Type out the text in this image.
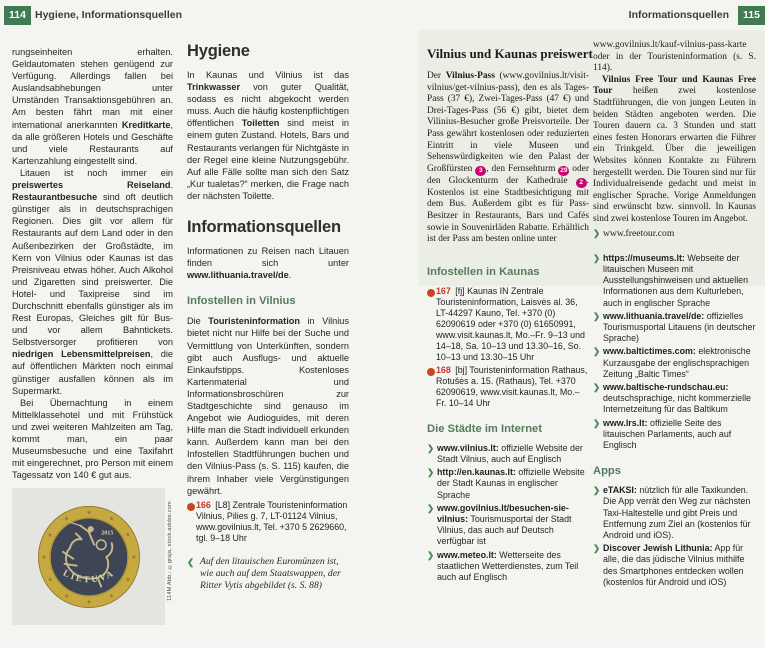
114 Hygiene, Informationsquellen	Informationsquellen	115

rungseinheiten erhalten. Geldautomaten stehen genügend zur Verfügung. Allerdings fallen bei Auslandsabhebungen unter Umständen Transaktionsgebühren an. Am besten fährt man mit einer international anerkannten Kreditkarte, da alle größeren Hotels und Geschäfte und viele Restaurants auf Kartenzahlung eingestellt sind.

Litauen ist noch immer ein preiswertes Reiseland. Restaurantbesuche sind oft deutlich günstiger als in deutschsprachigen Regionen. Dies gilt vor allem für Restaurants auf dem Land oder in den Außenbezirken der Großstädte, im Kern von Vilnius oder Kaunas ist das Preisniveau etwas höher. Auch Alkohol und Zigaretten sind preiswerter. Die Hotel- und Taxipreise sind im Durchschnitt ebenfalls günstiger als im Rest Europas, Gleiches gilt für Bus- und vor allem Bahntickets. Selbstversorger profitieren von niedrigen Lebensmittelpreisen, die auf öffentlichen Märkten noch einmal günstiger ausfallen können als im Supermarkt.

Bei Übernachtung in einem Mittelklassehotel und mit Frühstück und zwei weiteren Mahlzeiten am Tag, kommt man, ein paar Museumsbesuche und eine Taxifahrt mit eingerechnet, pro Person mit einem Tagessatz von 140 € gut aus.

★
★
★
★
★
★
★
★
★
★
★
★
2015
LIETUVA	114M Abb.: ©graja, stock.adobe.com
Hygiene

In Kaunas und Vilnius ist das Trinkwasser von guter Qualität, sodass es nicht abgekocht werden muss. Auch die häufig kostenpflichtigen öffentlichen Toiletten sind meist in einem guten Zustand. Hotels, Bars und Restaurants verlangen für Nichtgäste in der Regel eine kleine Nutzungsgebühr. Auf alle Fälle sollte man sich den Satz „Kur tualetas?“ merken, die Frage nach der nächsten Toilette.

Informationsquellen

Informationen zu Reisen nach Litauen finden sich unter www.lithuania.travel/de.

Infostellen in Vilnius

Die Touristeninformation in Vilnius bietet nicht nur Hilfe bei der Suche und Vermittlung von Unterkünften, sondern gibt auch Ausflugs- und aktuelle Einkaufstipps. Kostenloses Kartenmaterial und Informationsbroschüren zur Stadtgeschichte sind genauso im Angebot wie Audioguides, mit deren Hilfe man die Stadt individuell erkunden kann. Außerdem kann man bei den Infostellen Stadtführungen buchen und den Vilnius-Pass (s. S. 115) kaufen, die ihrem Inhaber viele Vergünstigungen gewährt.

i 166 [L8] Zentrale Touristeninformation Vilnius, Pilies g. 7, LT-01124 Vilnius, www.govilnius.lt, Tel. +370 5 2629660, tgl. 9–18 Uhr
❮ Auf den litauischen Euromünzen ist, wie auch auf dem Staatswappen, der Ritter Vytis abgebildet (s. S. 88)
Vilnius und Kaunas preiswert

Der Vilnius-Pass (www.govilnius.lt/visit-vilnius/get-vilnius-pass), den es als Tages-Pass (37 €), Zwei-Tages-Pass (47 €) und Drei-Tages-Pass (56 €) gibt, bietet dem Vilinius-Besucher große Preisvorteile. Der Pass gewährt kostenlosen oder reduzierten Eintritt in viele Museen und Sehenswürdigkeiten wie den Palast der Großfürsten 3 , den Fernsehturm 29 oder den Glockenturm der Kathedrale 2 . Kostenlos ist eine Stadtbesichtigung mit dem Bus. Außerdem gibt es für Pass-Besitzer in Restaurants, Bars und Cafés sowie in Souvenirläden Rabatte. Erhältlich ist der Pass am besten online unter

Infostellen in Kaunas
i 167 [fj] Kaunas IN Zentrale Touristeninformation, Laisvės al. 36, LT-44297 Kauno, Tel. +370 (0) 62090619 oder +370 (0) 61650991, www.visit.kaunas.lt, Mo.–Fr. 9–13 und 14–18, Sa. 10–13 und 13.30–16, So. 10–13 und 13.30–15 Uhr
i 168 [bj] Touristeninformation Rathaus, Rotušės a. 15. (Rathaus), Tel. +370 62090619, www.visit.kaunas.lt, Mo.–Fr. 10–14 Uhr
Die Städte im Internet
❯ www.vilnius.lt: offizielle Website der Stadt Vilnius, auch auf Englisch
❯ http://en.kaunas.lt: offizielle Website der Stadt Kaunas in englischer Sprache
❯ www.govilnius.lt/besuchen-sie-vilnius: Tourismusportal der Stadt Vilnius, das auch auf Deutsch verfügbar ist
❯ www.meteo.lt: Wetterseite des staatlichen Wetterdienstes, zum Teil auch auf Englisch

www.govilnius.lt/kauf-vilnius-pass-karte oder in der Touristeninformation (s. S. 114).

Vilnius Free Tour und Kaunas Free Tour heißen zwei kostenlose Stadtführungen, die von jungen Leuten in beiden Städten angeboten werden. Die Touren dauern ca. 3 Stunden und statt eines festen Honorars erwarten die Führer ein Trinkgeld. Über die jeweiligen Websites können Kontakte zu Führern hergestellt werden. Die Touren sind nur für Individualreisende gedacht und meist in englischer Sprache. Vorige Anmeldungen sind erwünscht bzw. sinnvoll. In Kaunas sind zwei kostenlose Touren im Angebot.

❯ www.freetour.com
❯ https://museums.lt: Webseite der litauischen Museen mit Ausstellungshinweisen und aktuellen Informationen aus dem Kulturleben, auch in englischer Sprache
❯ www.lithuania.travel/de: offizielles Tourismusportal Litauens (in deutscher Sprache)
❯ www.baltictimes.com: elektronische Kurzausgabe der englischsprachigen Zeitung „Baltic Times“
❯ www.baltische-rundschau.eu: deutschsprachige, nicht kommerzielle Internetzeitung für das Baltikum
❯ www.lrs.lt: offizielle Seite des litauischen Parlaments, auch auf Englisch
Apps
❯ eTAKSI: nützlich für alle Taxikunden. Die App verrät den Weg zur nächsten Taxi-Haltestelle und gibt Preis und Entfernung zum Ziel an (kostenlos für Android und iOS).
❯ Discover Jewish Lithunia: App für alle, die das jüdische Vilnius mithilfe des Smartphones entdecken wollen (kostenlos für Android und iOS)
